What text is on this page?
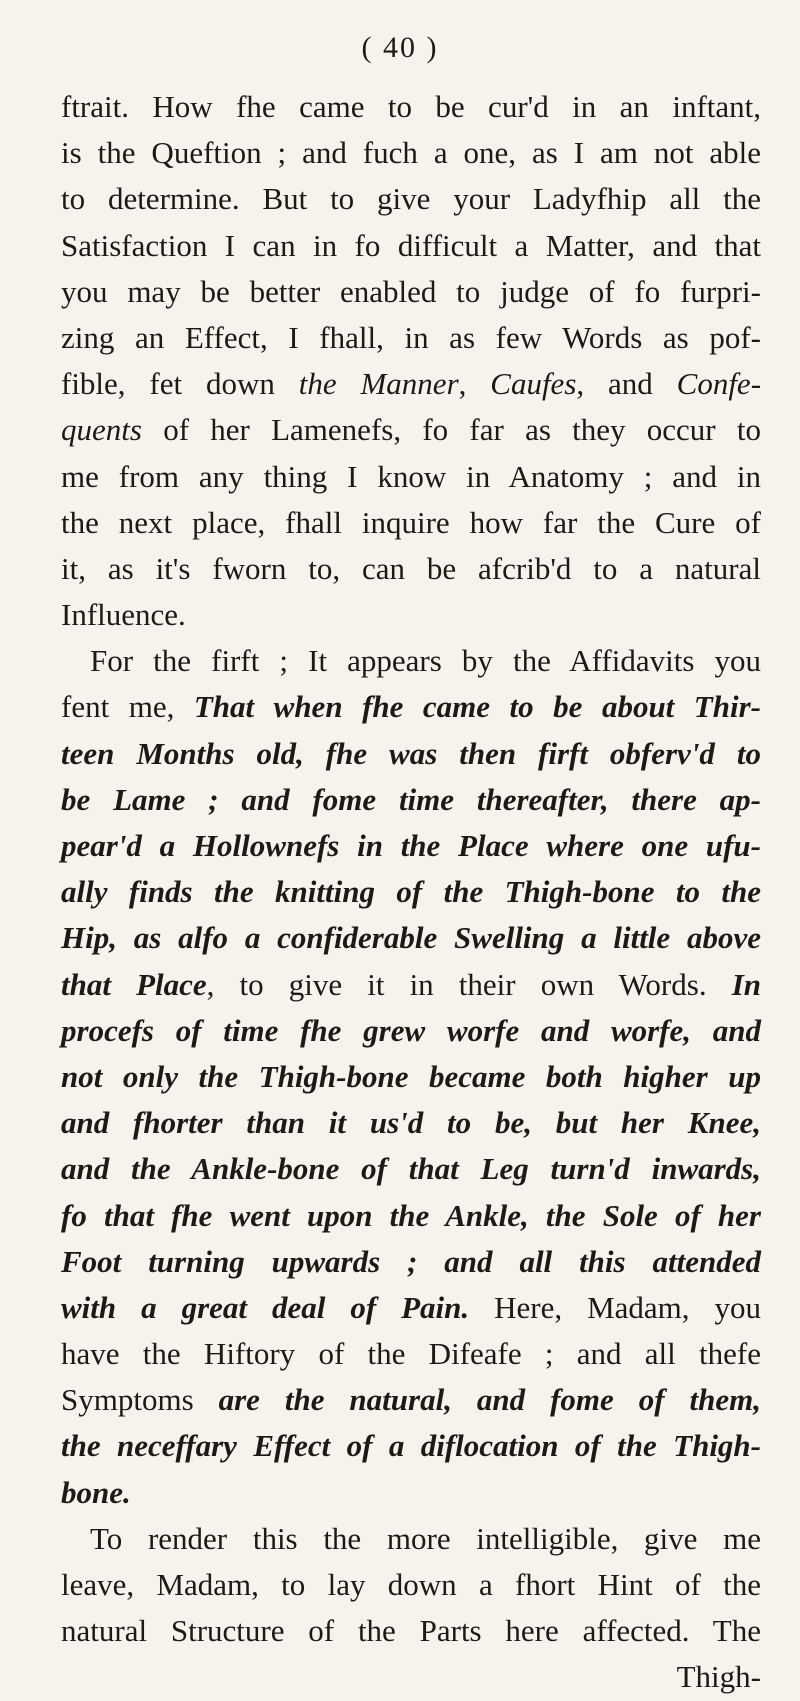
( 40 )
ftrait. How fhe came to be cur'd in an inftant,
is the Queftion ; and fuch a one, as I am not able
to determine. But to give your Ladyfhip all the
Satisfaction I can in fo difficult a Matter, and that
you may be better enabled to judge of fo furpri-
zing an Effect, I fhall, in as few Words as pof-
fible, fet down the Manner, Caufes, and Confe-
quents of her Lamenefs, fo far as they occur to
me from any thing I know in Anatomy ; and in
the next place, fhall inquire how far the Cure of
it, as it's fworn to, can be afcrib'd to a natural
Influence.
For the firft ; It appears by the Affidavits you
fent me, That when fhe came to be about Thir-
teen Months old, fhe was then firft obferv'd to
be Lame ; and fome time thereafter, there ap-
pear'd a Hollownefs in the Place where one ufu-
ally finds the knitting of the Thigh-bone to the
Hip, as alfo a confiderable Swelling a little above
that Place, to give it in their own Words. In
procefs of time fhe grew worfe and worfe, and
not only the Thigh-bone became both higher up
and fhorter than it us'd to be, but her Knee,
and the Ankle-bone of that Leg turn'd inwards,
fo that fhe went upon the Ankle, the Sole of her
Foot turning upwards ; and all this attended
with a great deal of Pain. Here, Madam, you
have the Hiftory of the Difeafe ; and all thefe
Symptoms are the natural, and fome of them,
the neceffary Effect of a diflocation of the Thigh-
bone.
To render this the more intelligible, give me
leave, Madam, to lay down a fhort Hint of the
natural Structure of the Parts here affected. The
Thigh-
